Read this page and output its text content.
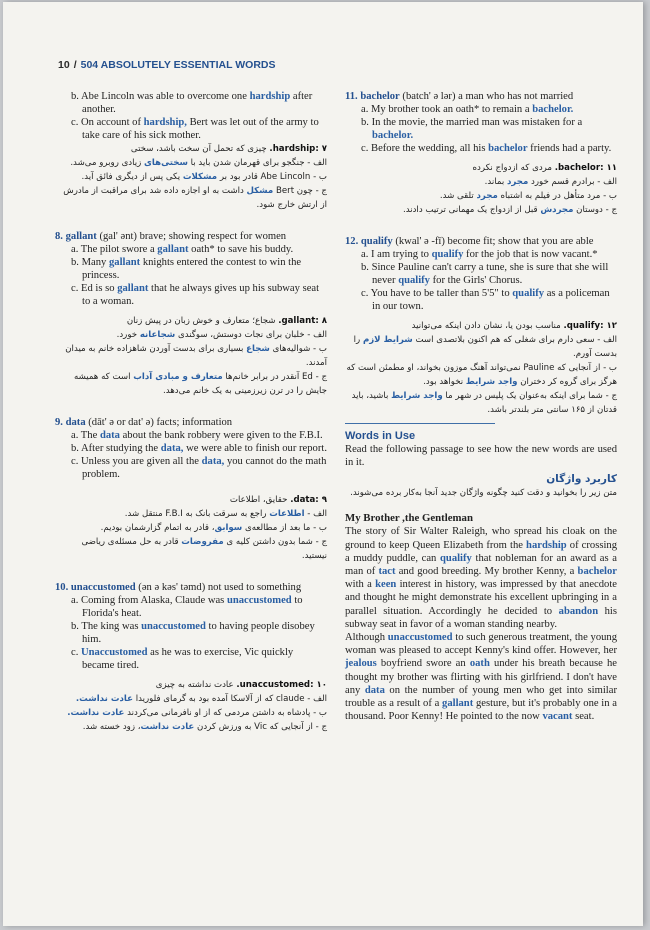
10 / 504 ABSOLUTELY ESSENTIAL WORDS

b. Abe Lincoln was able to overcome one hardship after another.

c. On account of hardship, Bert was let out of the army to take care of his sick mother.

hardship: ۷. چیزی که تحمل آن سخت باشد، سختی

الف - جنگجو برای قهرمان شدن باید با سختی‌های زیادی روبرو می‌شد.

ب - Abe Lincoln قادر بود بر مشکلات یکی پس از دیگری فائق آید.

ج - چون Bert مشکل داشت به او اجازه داده شد برای مراقبت از مادرش از ارتش خارج شود.

8. gallant (gal' ənt) brave; showing respect for women

a. The pilot swore a gallant oath* to save his buddy.

b. Many gallant knights entered the contest to win the princess.

c. Ed is so gallant that he always gives up his subway seat to a woman.

gallant: ۸. شجاع؛ متعارف و خوش زبان در پیش زنان

الف - خلبان برای نجات دوستش، سوگندی شجاعانه خورد.

ب - شوالیه‌های شجاع بسیاری برای بدست آوردن شاهزاده خانم به میدان آمدند.

ج - Ed آنقدر در برابر خانم‌ها متعارف و مبادی آداب است که همیشه جایش را در ترن زیرزمینی به یک خانم می‌دهد.

9. data (dāt' ə or dat' ə) facts; information

a. The data about the bank robbery were given to the F.B.I.

b. After studying the data, we were able to finish our report.

c. Unless you are given all the data, you cannot do the math problem.

data: ۹. حقایق، اطلاعات

الف - اطلاعات راجع به سرقت بانک به F.B.I منتقل شد.

ب - ما بعد از مطالعه‌ی سوابق، قادر به اتمام گزارشمان بودیم.

ج - شما بدون داشتن کلیه ی مفروضات قادر به حل مسئله‌ی ریاضی نیستید.

10. unaccustomed (ən ə kəs' təmd) not used to something

a. Coming from Alaska, Claude was unaccustomed to Florida's heat.

b. The king was unaccustomed to having people disobey him.

c. Unaccustomed as he was to exercise, Vic quickly became tired.

unaccustomed: ۱۰. عادت نداشته به چیزی

الف - claude که از آلاسکا آمده بود به گرمای فلوریدا عادت نداشت.

ب - پادشاه به داشتن مردمی که از او نافرمانی می‌کردند عادت نداشت.

ج - از آنجایی که Vic به ورزش کردن عادت نداشت، زود خسته شد.

11. bachelor (batch' ə lər) a man who has not married

a. My brother took an oath* to remain a bachelor.

b. In the movie, the married man was mistaken for a bachelor.

c. Before the wedding, all his bachelor friends had a party.

bachelor: ۱۱. مردی که ازدواج نکرده

الف - برادرم قسم خورد مجرد بماند.

ب - مرد متأهل در فیلم به اشتباه مجرد تلقی شد.

ج - دوستان مجردش قبل از ازدواج یک مهمانی ترتیب دادند.

12. qualify (kwal' ə -fī) become fit; show that you are able

a. I am trying to qualify for the job that is now vacant.*

b. Since Pauline can't carry a tune, she is sure that she will never qualify for the Girls' Chorus.

c. You have to be taller than 5'5" to qualify as a policeman in our town.

qualify: ۱۲. مناسب بودن یا، نشان دادن اینکه می‌توانید

الف - سعی دارم برای شغلی که هم اکنون بلاتصدی است شرایط لازم را بدست آورم.

ب - از آنجایی که Pauline نمی‌تواند آهنگ موزون بخواند، او مطمئن است که هرگز برای گروه کر دختران واجد شرایط نخواهد بود.

ج - شما برای اینکه به‌عنوان یک پلیس در شهر ما واجد شرایط باشید، باید قدتان از ۱۶۵ سانتی متر بلندتر باشد.

Words in Use

Read the following passage to see how the new words are used in it.

کاربرد واژگان

متن زیر را بخوانید و دقت کنید چگونه واژگان جدید آنجا به‌کار برده می‌شوند.

My Brother ,the Gentleman

The story of Sir Walter Raleigh, who spread his cloak on the ground to keep Queen Elizabeth from the hardship of crossing a muddy puddle, can qualify that nobleman for an award as a man of tact and good breeding. My brother Kenny, a bachelor with a keen interest in history, was impressed by that anecdote and thought he might demonstrate his excellent upbringing in a parallel situation. Accordingly he decided to abandon his subway seat in favor of a woman standing nearby.

Although unaccustomed to such generous treatment, the young woman was pleased to accept Kenny's kind offer. However, her jealous boyfriend swore an oath under his breath because he thought my brother was flirting with his girlfriend. I don't have any data on the number of young men who get into similar trouble as a result of a gallant gesture, but it's probably one in a thousand. Poor Kenny! He pointed to the now vacant seat.
